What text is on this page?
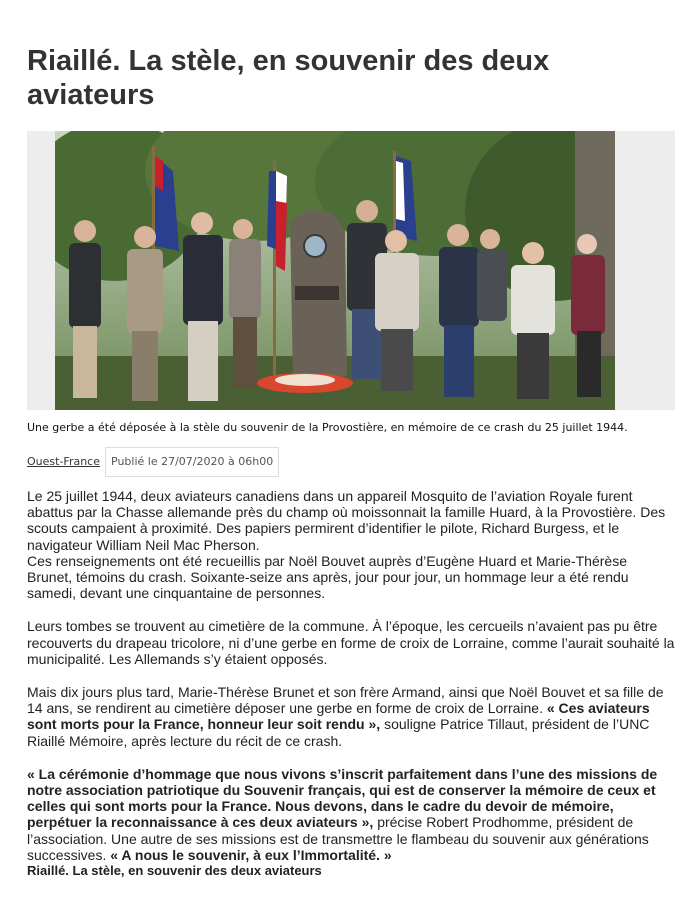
Riaillé. La stèle, en souvenir des deux aviateurs

Une gerbe a été déposée à la stèle du souvenir de la Provostière, en mémoire de ce crash du 25 juillet 1944.

Ouest-France	Publié le 27/07/2020 à 06h00

Le 25 juillet 1944, deux aviateurs canadiens dans un appareil Mosquito de l’aviation Royale furent abattus par la Chasse allemande près du champ où moissonnait la famille Huard, à la Provostière. Des scouts campaient à proximité. Des papiers permirent d’identifier le pilote, Richard Burgess, et le navigateur William Neil Mac Pherson.

Ces renseignements ont été recueillis par Noël Bouvet auprès d’Eugène Huard et Marie-Thérèse Brunet, témoins du crash. Soixante-seize ans après, jour pour jour, un hommage leur a été rendu samedi, devant une cinquantaine de personnes.

Leurs tombes se trouvent au cimetière de la commune. À l’époque, les cercueils n’avaient pas pu être recouverts du drapeau tricolore, ni d’une gerbe en forme de croix de Lorraine, comme l’aurait souhaité la municipalité. Les Allemands s’y étaient opposés.

Mais dix jours plus tard, Marie-Thérèse Brunet et son frère Armand, ainsi que Noël Bouvet et sa fille de 14 ans, se rendirent au cimetière déposer une gerbe en forme de croix de Lorraine. « Ces aviateurs sont morts pour la France, honneur leur soit rendu », souligne Patrice Tillaut, président de l’UNC Riaillé Mémoire, après lecture du récit de ce crash.

« La cérémonie d’hommage que nous vivons s’inscrit parfaitement dans l’une des missions de notre association patriotique du Souvenir français, qui est de conserver la mémoire de ceux et celles qui sont morts pour la France. Nous devons, dans le cadre du devoir de mémoire, perpétuer la reconnaissance à ces deux aviateurs », précise Robert Prodhomme, président de l’association. Une autre de ses missions est de transmettre le flambeau du souvenir aux générations successives. « A nous le souvenir, à eux l’Immortalité. »

Riaillé. La stèle, en souvenir des deux aviateurs
